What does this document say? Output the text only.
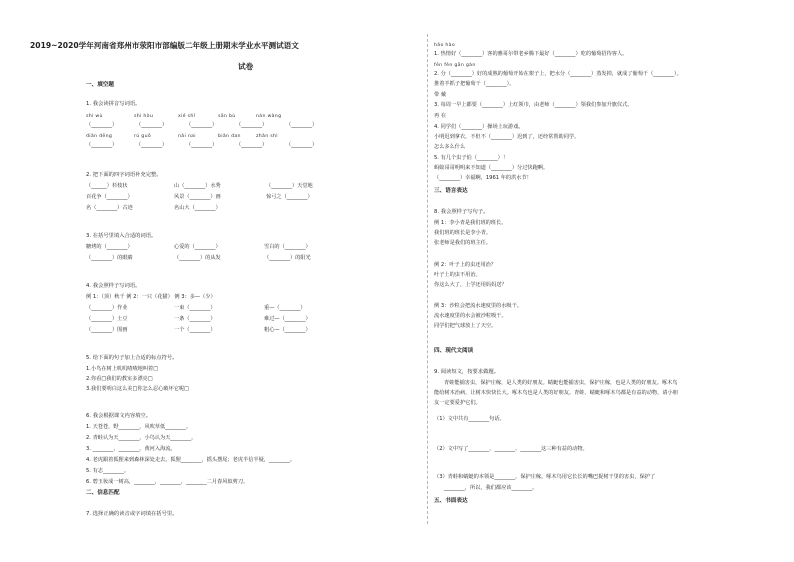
2019~2020学年河南省郑州市荥阳市部编版二年级上册期末学业水平测试语文
试卷
一、填空题
1. 我会读拼音写词语。
shì wù	shì hòu	xié shǐ	sān bù	nán wàng
（________）	（________）	（________）	（________）	（________）
diǎn dēng	rú guǒ	nǎi nai	biǎn dan	zhǎn shì
（________）	（________）	（________）	（________）	（________）
2. 把下面的四字词语补充完整。
（______）杉枝状	山（________）水秀	（________）天堂地
百花争（________）	风景（________）画	惊弓之（________）
名（________）古迹	名山大（________）
3. 在括号里填入合适的词语。
糖烤的（________）	心爱的（________）	雪白的（________）
（________）的眼睛	（________）的从发	（________）的阳光
4. 我会照样子写词语。
例 1：（顶）秋千 例 2：一只（花猫） 例 3：多—（少）
（________）作业	一束（________）	重—（________）
（________）土豆	一条（________）	难过—（________）
（________）围画	一个（________）	粗心—（________）
5. 给下面的句子加上合适的标点符号。
1.小鸟在树上叽叽喳喳地叫着□
2.你看□我们的教室多漂亮□
3.我们要明白这么美□你怎么忍心破坏它呢□
6. 我会根据课文内容填空。
1. 天苍苍，野________，风吹草低________。
2. 青蛙认为天________，小鸟认为天________。
3. ________，________，黄河入海流。
4. 老虎跟着狐狸来到森林深处走去。狐狸________，摇头摆尾；老虎半信半疑，________。
5. 有志________。
6. 碧玉妆成一树高，________，________，________二月春风似剪刀。
二、信息匹配
7. 选择正确的读音或字词填在括号里。
hǎo hào
1. 热情好（________）客的雅哥尔带老乡腾下最好（________）吃的葡萄招待客人。
fēn fèn gān gàn
2. 分（________）好的成熟的葡萄开始在架子上，把水分（________）蒸发掉，就成了葡萄干（________）。
推着羊抓子把葡萄干（________）。
带 戴
3. 每周一早上都要（________）上红领巾，由老师（________）领我们参加升旗仪式。
再 在
4. 同学们（________）操场上玩游戏。
小明迟到拿衣，不但不（________）迟到了，还经常帮助同学。
怎么多么什么
5. 有几个虫子伯（________）！
蚂蚁哥哥明明来不知道（________）分过快跑啊。
（________）幸福啊，1961 年的洪水节！
三、语言表达
8. 我会照样子写句子。
例 1：李小青是我们班的班长。
我们班的班长是李小青。
张老师是我们的班主任。
例 2：叶子上的虫还用治？
叶子上的虫不用治。
你这么大了，上学还用妈妈送？
例 3：沙粒会把流水速度里的水吸干。
流水速度里的水会被沙粒吸干。
同学们把气球放上了天空。
四、现代文阅读
9. 阅读短文，按要求做题。
青蛙能捕害虫，保护庄稼，是人类的好朋友。蜻蜓也能捕害虫，保护庄稼，也是人类的好朋友。啄木鸟
能给树木治病，让树木快快长大。啄木鸟也是人类的好朋友。青蛙、蜻蜓和啄木鸟都是有益的动物，请小朋
友一定要爱护它们。
（1）文中共有________句话。
（2）文中写了________、________、________这三种有益的动物。
（3）青蛙和蜻蜓的本领是________，保护庄稼。啄木鸟用它长长的嘴巴捉树干里的害虫，保护了
________，所以，我们都应该________。
五、书面表达
